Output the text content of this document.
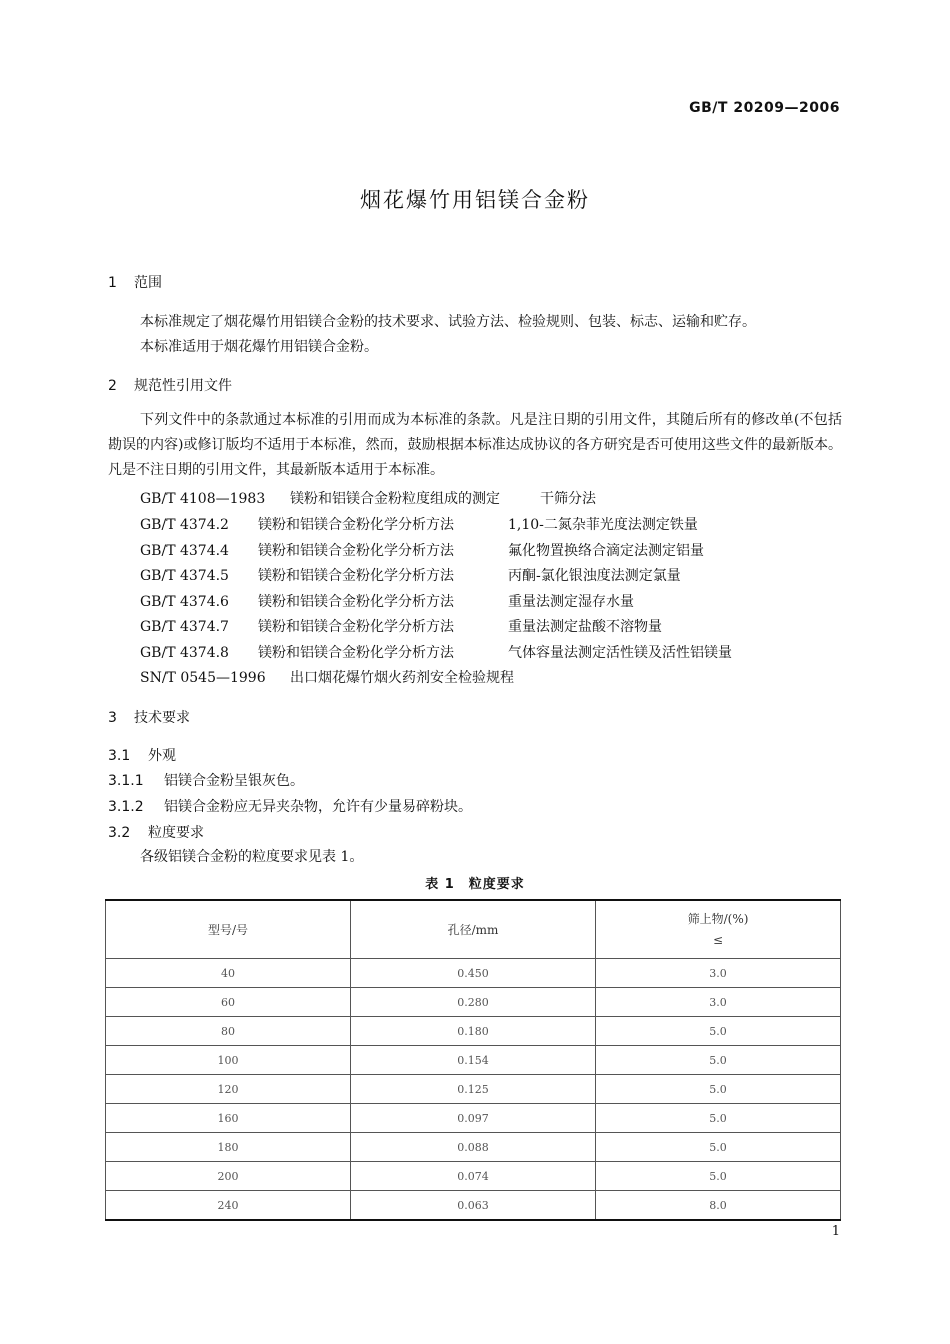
GB/T 20209—2006
烟花爆竹用铝镁合金粉
1 范围
本标准规定了烟花爆竹用铝镁合金粉的技术要求、试验方法、检验规则、包装、标志、运输和贮存。
本标准适用于烟花爆竹用铝镁合金粉。
2 规范性引用文件
下列文件中的条款通过本标准的引用而成为本标准的条款。凡是注日期的引用文件，其随后所有的修改单(不包括勘误的内容)或修订版均不适用于本标准，然而，鼓励根据本标准达成协议的各方研究是否可使用这些文件的最新版本。凡是不注日期的引用文件，其最新版本适用于本标准。
GB/T 4108—1983 镁粉和铝镁合金粉粒度组成的测定	干筛分法
GB/T 4374.2 镁粉和铝镁合金粉化学分析方法	1,10-二氮杂菲光度法测定铁量
GB/T 4374.4 镁粉和铝镁合金粉化学分析方法	氟化物置换络合滴定法测定铝量
GB/T 4374.5 镁粉和铝镁合金粉化学分析方法	丙酮-氯化银浊度法测定氯量
GB/T 4374.6 镁粉和铝镁合金粉化学分析方法	重量法测定湿存水量
GB/T 4374.7 镁粉和铝镁合金粉化学分析方法	重量法测定盐酸不溶物量
GB/T 4374.8 镁粉和铝镁合金粉化学分析方法	气体容量法测定活性镁及活性铝镁量
SN/T 0545—1996 出口烟花爆竹烟火药剂安全检验规程
3 技术要求
3.1 外观
3.1.1 铝镁合金粉呈银灰色。
3.1.2 铝镁合金粉应无异夹杂物，允许有少量易碎粉块。
3.2 粒度要求
各级铝镁合金粉的粒度要求见表 1。
表 1　粒度要求
型号/号	孔径/mm	筛上物/(%)
≤

40	0.450	3.0
60	0.280	3.0
80	0.180	5.0
100	0.154	5.0
120	0.125	5.0
160	0.097	5.0
180	0.088	5.0
200	0.074	5.0
240	0.063	8.0
1
